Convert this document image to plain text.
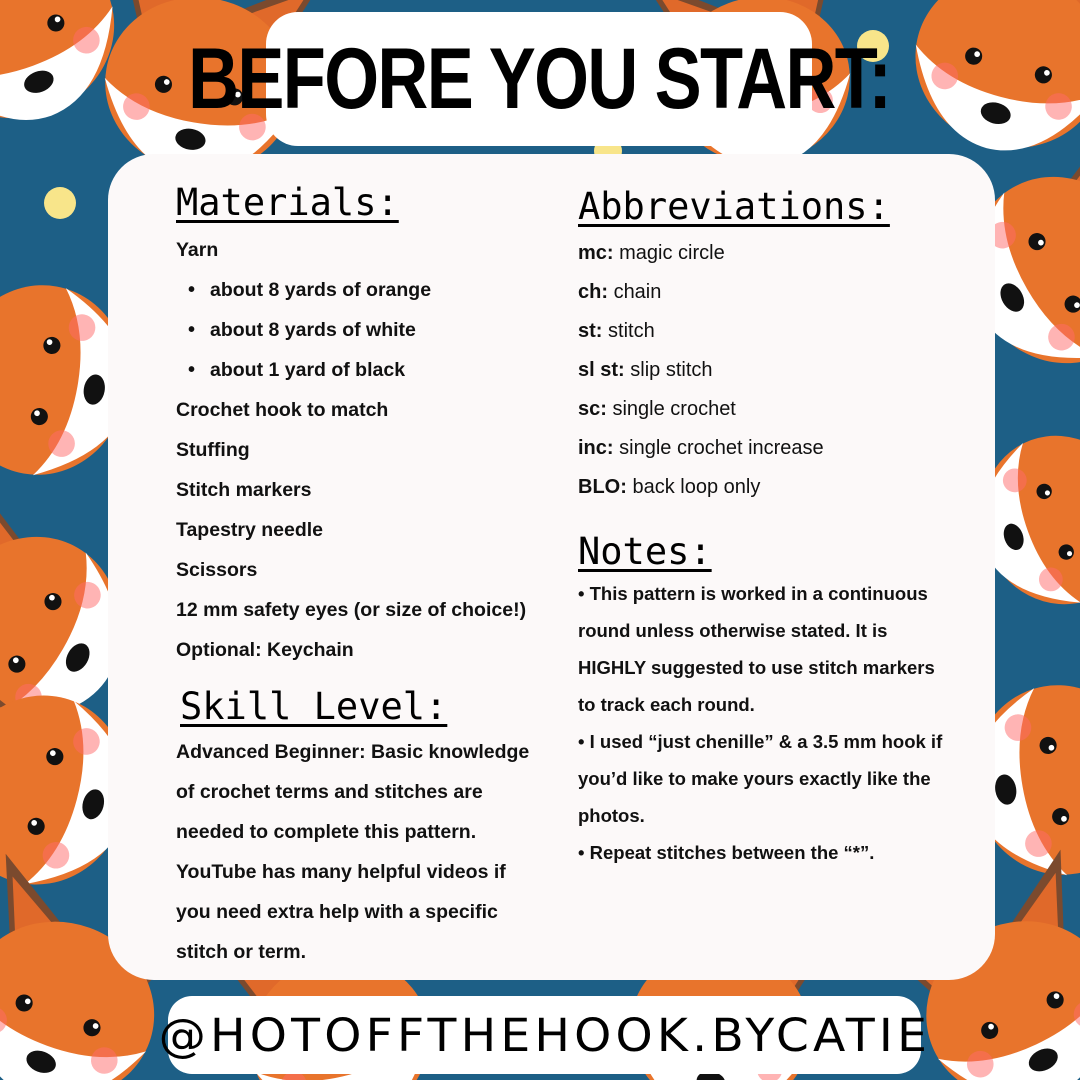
BEFORE YOU START:
Materials:
Yarn
• about 8 yards of orange
• about 8 yards of white
• about 1 yard of black
Crochet hook to match
Stuffing
Stitch markers
Tapestry needle
Scissors
12 mm safety eyes (or size of choice!)
Optional: Keychain
Skill Level:
Advanced Beginner: Basic knowledge
of crochet terms and stitches are
needed to complete this pattern.
YouTube has many helpful videos if
you need extra help with a specific
stitch or term.
Abbreviations:
mc: magic circle
ch: chain
st: stitch
sl st: slip stitch
sc: single crochet
inc: single crochet increase
BLO: back loop only
Notes:

• This pattern is worked in a continuous

round unless otherwise stated. It is

HIGHLY suggested to use stitch markers

to track each round.

• I used “just chenille” & a 3.5 mm hook if

you’d like to make yours exactly like the

photos.

• Repeat stitches between the “*”.

@HOTOFFTHEHOOK.BYCATIE
